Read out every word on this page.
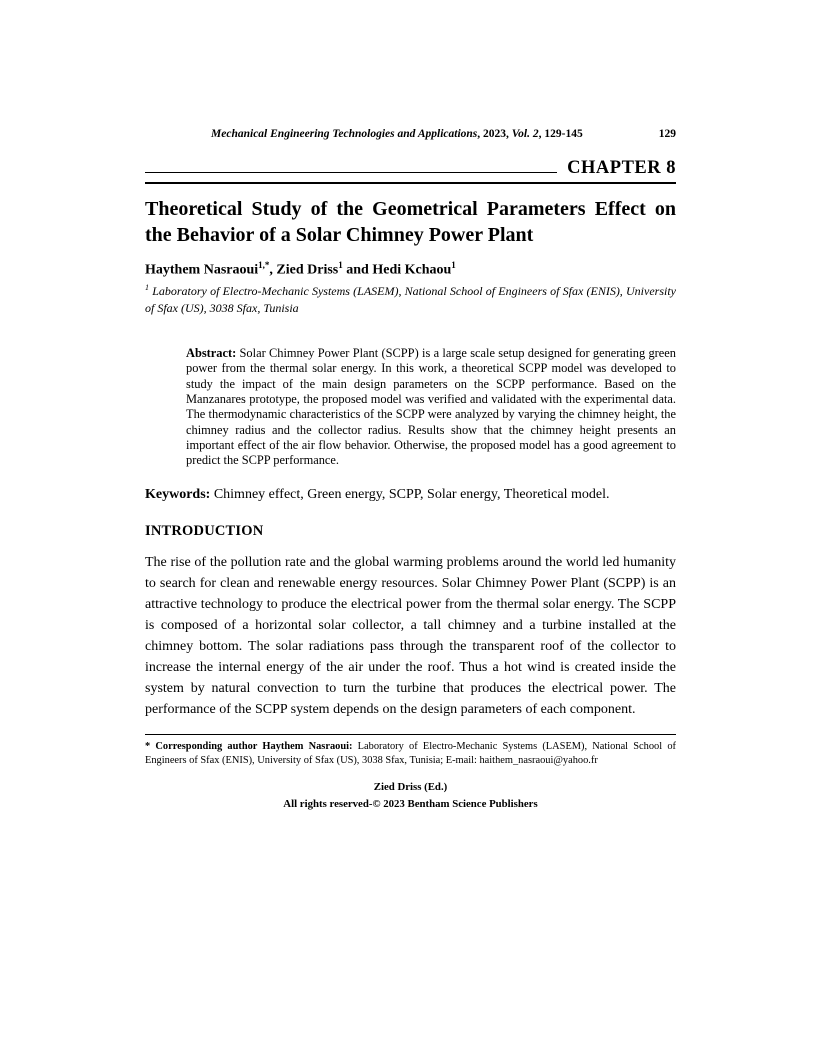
Mechanical Engineering Technologies and Applications, 2023, Vol. 2, 129-145	129
CHAPTER 8
Theoretical Study of the Geometrical Parameters Effect on the Behavior of a Solar Chimney Power Plant

Haythem Nasraoui$^{1,*}$, Zied Driss$^1$ and Hedi Kchaou$^1$

$^1$ Laboratory of Electro-Mechanic Systems (LASEM), National School of Engineers of Sfax (ENIS), University of Sfax (US), 3038 Sfax, Tunisia

Abstract: Solar Chimney Power Plant (SCPP) is a large scale setup designed for generating green power from the thermal solar energy. In this work, a theoretical SCPP model was developed to study the impact of the main design parameters on the SCPP performance. Based on the Manzanares prototype, the proposed model was verified and validated with the experimental data. The thermodynamic characteristics of the SCPP were analyzed by varying the chimney height, the chimney radius and the collector radius. Results show that the chimney height presents an important effect of the air flow behavior. Otherwise, the proposed model has a good agreement to predict the SCPP performance.

Keywords: Chimney effect, Green energy, SCPP, Solar energy, Theoretical model.

INTRODUCTION

The rise of the pollution rate and the global warming problems around the world led humanity to search for clean and renewable energy resources. Solar Chimney Power Plant (SCPP) is an attractive technology to produce the electrical power from the thermal solar energy. The SCPP is composed of a horizontal solar collector, a tall chimney and a turbine installed at the chimney bottom. The solar radiations pass through the transparent roof of the collector to increase the internal energy of the air under the roof. Thus a hot wind is created inside the system by natural convection to turn the turbine that produces the electrical power. The performance of the SCPP system depends on the design parameters of each component.

* Corresponding author Haythem Nasraoui: Laboratory of Electro-Mechanic Systems (LASEM), National School of Engineers of Sfax (ENIS), University of Sfax (US), 3038 Sfax, Tunisia; E-mail: haithem_nasraoui@yahoo.fr
Zied Driss (Ed.)
All rights reserved-© 2023 Bentham Science Publishers
